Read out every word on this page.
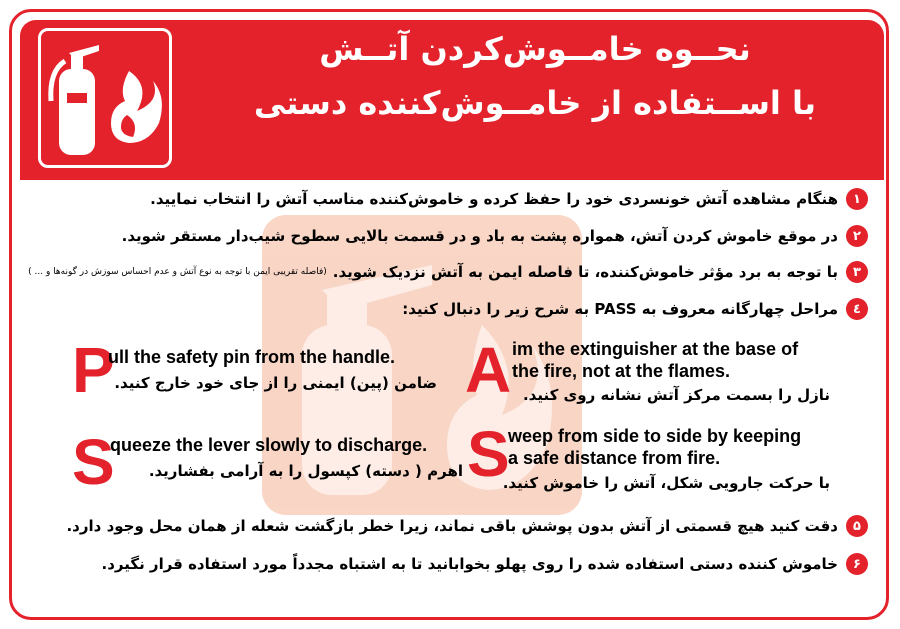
نحــوه خامــوش‌کردن آتــش
با اســتفاده از خامــوش‌کننده دستی
۱
هنگام مشاهده آتش خونسردی خود را حفظ کرده و خاموش‌کننده مناسب آتش را انتخاب نمایید.
۲
در موقع خاموش کردن آتش، همواره پشت به باد و در قسمت بالایی سطوح شیب‌دار مستقر شوید.
۳
با توجه به برد مؤثر خاموش‌کننده، تا فاصله ایمن به آتش نزدیک شوید.
(فاصله تقریبی ایمن با توجه به نوع آتش و عدم احساس سوزش در گونه‌ها و ... )
٤
مراحل چهارگانه معروف به PASS به شرح زیر را دنبال کنید:
P
ull the safety pin from the handle.
ضامن (پین) ایمنی را از جای خود خارج کنید. A im the extinguisher at the base of
the fire, not at the flames.
نازل را بسمت مرکز آتش نشانه روی کنید.
S
queeze the lever slowly to discharge.
اهرم ( دسته) کپسول را به آرامی بفشارید. S
weep from side to side by keeping
a safe distance from fire.
با حرکت جارویی شکل، آتش را خاموش کنید.
۵
دقت کنید هیچ قسمتی از آتش بدون پوشش باقی نماند، زیرا خطر بازگشت شعله از همان محل وجود دارد.
۶
خاموش کننده دستی استفاده شده را روی پهلو بخوابانید تا به اشتباه مجدداً مورد استفاده قرار نگیرد.
